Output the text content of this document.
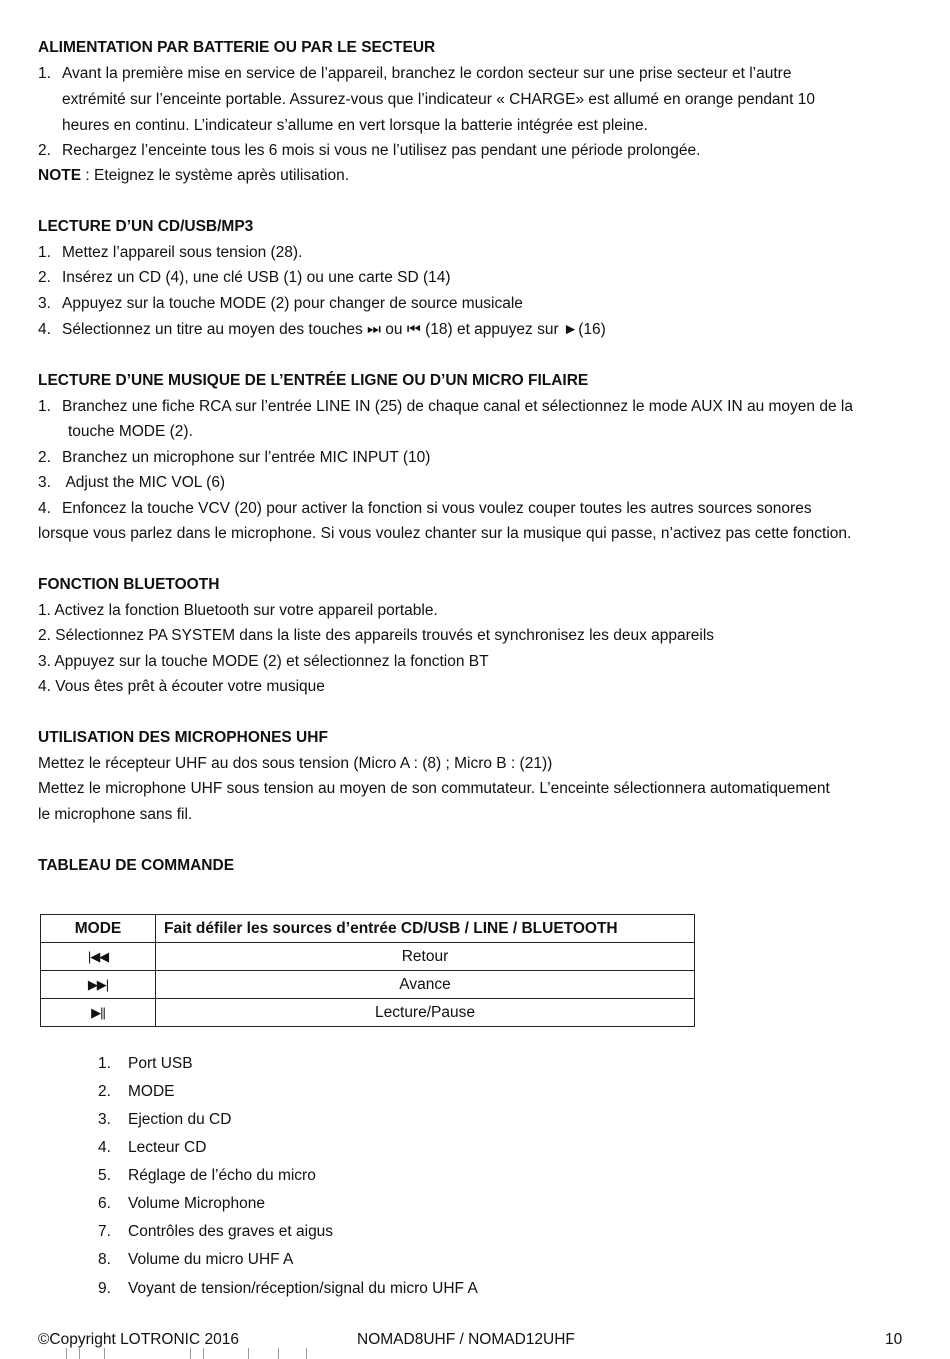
ALIMENTATION PAR BATTERIE OU PAR LE SECTEUR
1. Avant la première mise en service de l’appareil, branchez le cordon secteur sur une prise secteur et l’autre
extrémité sur l’enceinte portable. Assurez-vous que l’indicateur « CHARGE» est allumé en orange pendant 10
heures en continu. L’indicateur s’allume en vert lorsque la batterie intégrée est pleine.
2. Rechargez l’enceinte tous les 6 mois si vous ne l’utilisez pas pendant une période prolongée.
NOTE : Eteignez le système après utilisation.
LECTURE D’UN CD/USB/MP3
1. Mettez l’appareil sous tension (28).
2. Insérez un CD (4), une clé USB (1) ou une carte SD (14)
3. Appuyez sur la touche MODE (2) pour changer de source musicale
4. Sélectionnez un titre au moyen des touches ⏭ ou ⏮ (18) et appuyez sur ►(16)
LECTURE D’UNE MUSIQUE DE L’ENTRÉE LIGNE OU D’UN MICRO FILAIRE
1. Branchez une fiche RCA sur l’entrée LINE IN (25) de chaque canal et sélectionnez le mode AUX IN au moyen de la
touche MODE (2).
2. Branchez un microphone sur l’entrée MIC INPUT (10)
3. Adjust the MIC VOL (6)
4. Enfoncez la touche VCV (20) pour activer la fonction si vous voulez couper toutes les autres sources sonores
lorsque vous parlez dans le microphone. Si vous voulez chanter sur la musique qui passe, n’activez pas cette fonction.
FONCTION BLUETOOTH
1. Activez la fonction Bluetooth sur votre appareil portable.
2. Sélectionnez PA SYSTEM dans la liste des appareils trouvés et synchronisez les deux appareils
3. Appuyez sur la touche MODE (2) et sélectionnez la fonction BT
4. Vous êtes prêt à écouter votre musique
UTILISATION DES MICROPHONES UHF
Mettez le récepteur UHF au dos sous tension (Micro A : (8) ; Micro B : (21))
Mettez le microphone UHF sous tension au moyen de son commutateur. L’enceinte sélectionnera automatiquement
le microphone sans fil.
TABLEAU DE COMMANDE
MODE	Fait défiler les sources d’entrée CD/USB / LINE / BLUETOOTH
|◀◀	Retour
▶▶|	Avance
▶||	Lecture/Pause
1. Port USB
2. MODE
3. Ejection du CD
4. Lecteur CD
5. Réglage de l’écho du micro
6. Volume Microphone
7. Contrôles des graves et aigus
8. Volume du micro UHF A
9. Voyant de tension/réception/signal du micro UHF A
©Copyright LOTRONIC 2016	NOMAD8UHF / NOMAD12UHF	10
